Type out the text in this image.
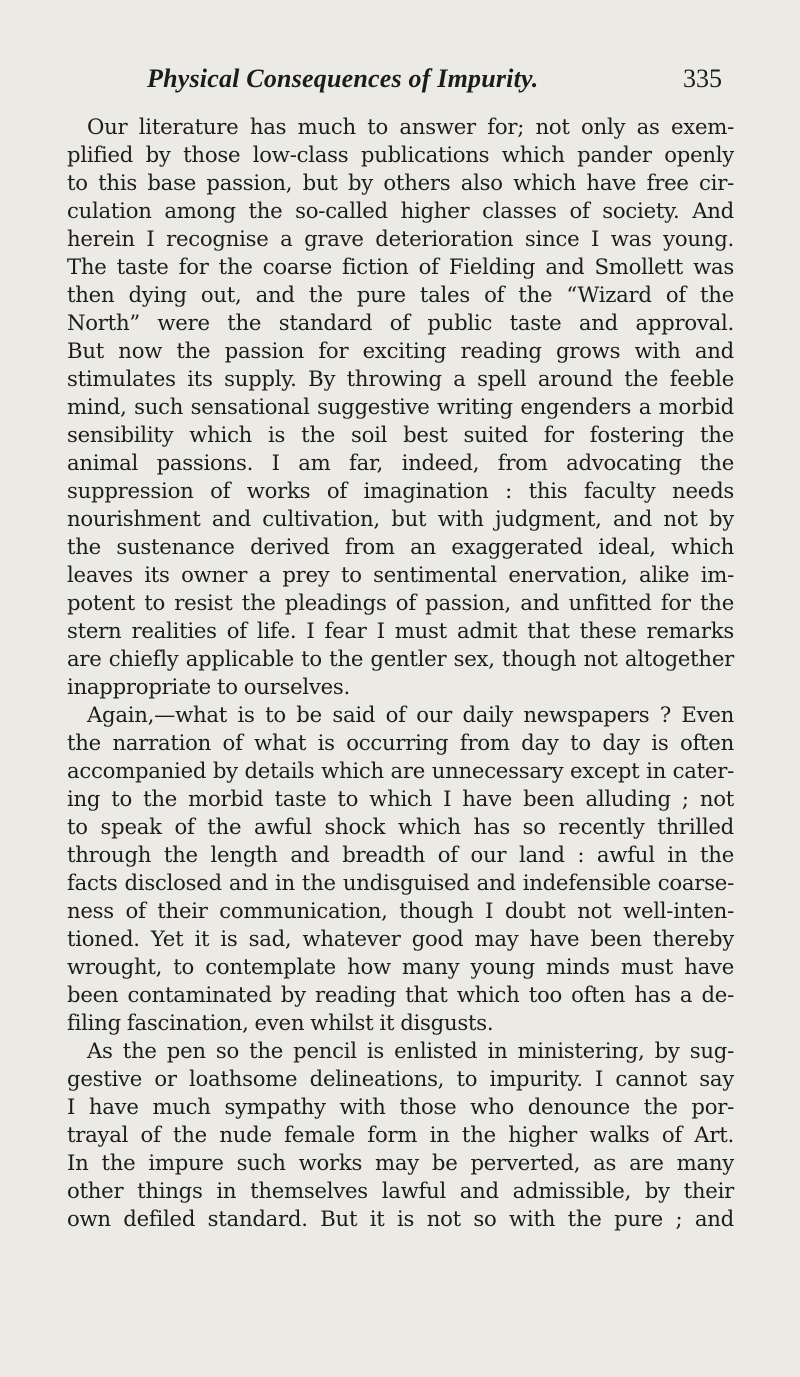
Physical Consequences of Impurity.	335
Our literature has much to answer for; not only as exem-
plified by those low-class publications which pander openly
to this base passion, but by others also which have free cir-
culation among the so-called higher classes of society. And
herein I recognise a grave deterioration since I was young.
The taste for the coarse fiction of Fielding and Smollett was
then dying out, and the pure tales of the “Wizard of the
North” were the standard of public taste and approval.
But now the passion for exciting reading grows with and
stimulates its supply. By throwing a spell around the feeble
mind, such sensational suggestive writing engenders a morbid
sensibility which is the soil best suited for fostering the
animal passions. I am far, indeed, from advocating the
suppression of works of imagination : this faculty needs
nourishment and cultivation, but with judgment, and not by
the sustenance derived from an exaggerated ideal, which
leaves its owner a prey to sentimental enervation, alike im-
potent to resist the pleadings of passion, and unfitted for the
stern realities of life. I fear I must admit that these remarks
are chiefly applicable to the gentler sex, though not altogether
inappropriate to ourselves.
Again,—what is to be said of our daily newspapers ? Even
the narration of what is occurring from day to day is often
accompanied by details which are unnecessary except in cater-
ing to the morbid taste to which I have been alluding ; not
to speak of the awful shock which has so recently thrilled
through the length and breadth of our land : awful in the
facts disclosed and in the undisguised and indefensible coarse-
ness of their communication, though I doubt not well-inten-
tioned. Yet it is sad, whatever good may have been thereby
wrought, to contemplate how many young minds must have
been contaminated by reading that which too often has a de-
filing fascination, even whilst it disgusts.
As the pen so the pencil is enlisted in ministering, by sug-
gestive or loathsome delineations, to impurity. I cannot say
I have much sympathy with those who denounce the por-
trayal of the nude female form in the higher walks of Art.
In the impure such works may be perverted, as are many
other things in themselves lawful and admissible, by their
own defiled standard. But it is not so with the pure ; and
